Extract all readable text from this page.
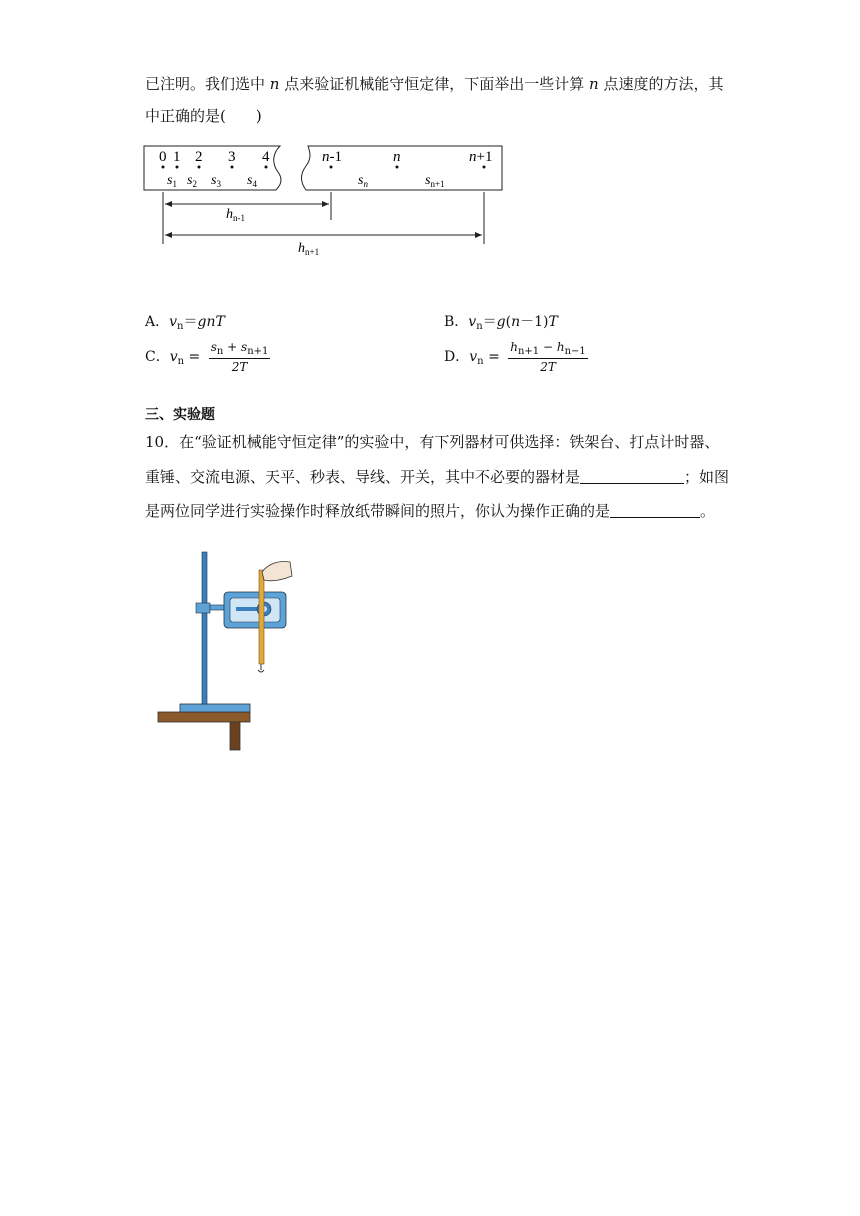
已注明。我们选中 n 点来验证机械能守恒定律，下面举出一些计算 n 点速度的方法，其
中正确的是(　　)
0 1 2 3 4
$s_1$ $s_2$ $s_3$ $s_4$
n-1	n	n+1
$s_n$	$s_{n+1}$
$h_{n-1}$
$h_{n+1}$
A．$v_n=gnT$	B．$v_n=g(n-1)T$
C．$v_n = \frac{s_n + s_{n+1}}{2T}$	D．$v_n = \frac{h_{n+1} - h_{n-1}}{2T}$
三、实验题
10．在“验证机械能守恒定律”的实验中，有下列器材可供选择：铁架台、打点计时器、
重锤、交流电源、天平、秒表、导线、开关，其中不必要的器材是	；如图
是两位同学进行实验操作时释放纸带瞬间的照片，你认为操作正确的是	。
